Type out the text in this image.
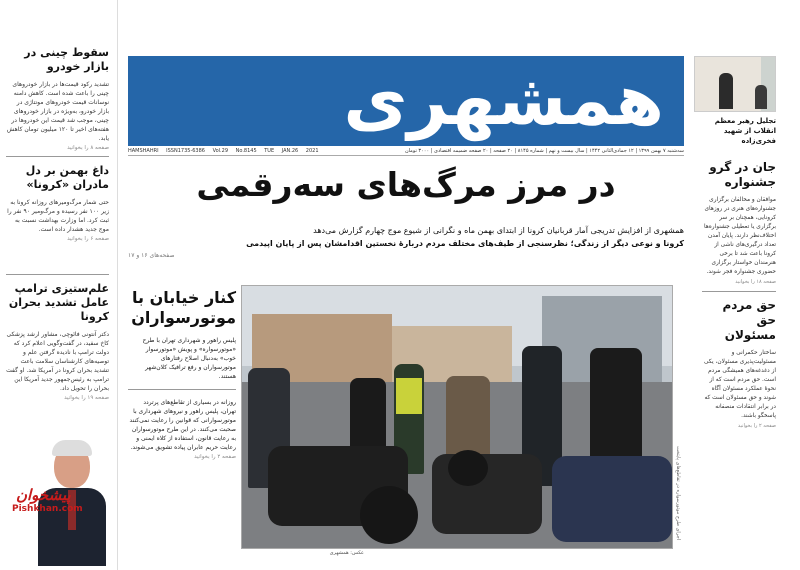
سقوط چینی در بازار خودرو
تشدید رکود قیمت‌ها در بازار خودروهای چینی را باعث شده است. کاهش دامنه نوسانات قیمت خودروهای مونتاژی در بازار خودرو، به‌ویژه در بازار خودروهای چینی، موجب شد قیمت این خودروها در هفته‌های اخیر تا ۱۲۰ میلیون تومان کاهش یابد.
صفحه ۸ را بخوانید
داغ بهمن بر دل مادران «کرونا»
حتی شمار مرگ‌ومیرهای روزانه کرونا به زیر ۱۰۰ نفر رسیده و مرگ‌ومیر ۹۰ نفر را ثبت کرد. اما وزارت بهداشت نسبت به موج جدید هشدار داده است.
صفحه ۶ را بخوانید
علم‌ستیزی ترامپ عامل تشدید بحران کرونا
دکتر آنتونی فائوچی، مشاور ارشد پزشکی کاخ سفید، در گفت‌وگویی اعلام کرد که دولت ترامپ با نادیده گرفتن علم و توصیه‌های کارشناسان سلامت باعث تشدید بحران کرونا در آمریکا شد. او گفت ترامپ به رئیس‌جمهور جدید آمریکا این بحران را تحویل داد.
صفحه ۱۹ را بخوانید
پیشخوان
Pishkhan.com
همشهری
HAMSHAHRI ISSN1735-6386 Vol.29 No.8145 TUE JAN.26 2021	سه‌شنبه ۷ بهمن ۱۳۹۹ | ۱۲ جمادی‌الثانی ۱۴۴۲ | سال بیست و نهم | شماره ۸۱۴۵ | ۲۰ صفحه | ۲۰ صفحه ضمیمه اقتصادی | ۳۰۰۰ تومان
تجلیل رهبر معظم انقلاب از شهید فخری‌زاده
در مرز مرگ‌های سه‌رقمی
همشهری از افزایش تدریجی آمار قربانیان کرونا از ابتدای بهمن ماه و نگرانی از شیوع موج چهارم گزارش می‌دهد
کرونا و نوعی دیگر از زندگی؛ نظرسنجی از طیف‌های مختلف مردم دربارهٔ نخستین اقدامشان پس از پایان اپیدمی
صفحه‌های ۱۶ و ۱۷
کنار خیابان با موتورسواران
پلیس راهور و شهرداری تهران با طرح «موتورسواره» و پویش «موتورسوار خوب» به‌دنبال اصلاح رفتارهای موتورسواران و رفع ترافیک کلان‌شهر هستند.
روزانه در بسیاری از تقاطع‌های پرتردد تهران، پلیس راهور و نیروهای شهرداری با موتورسوارانی که قوانین را رعایت نمی‌کنند صحبت می‌کنند. در این طرح موتورسواران به رعایت قانون، استفاده از کلاه ایمنی و رعایت حریم عابران پیاده تشویق می‌شوند.
صفحه ۲ را بخوانید
عکس: همشهری
اجرای طرح موتورسواره در تقاطع‌های پایتخت
جان در گرو جشنواره
موافقان و مخالفان برگزاری جشنواره‌های هنری در روزهای کرونایی، همچنان بر سر برگزاری یا تعطیلی جشنواره‌ها اختلاف‌نظر دارند. پایان آمدن تعداد درگیری‌های ناشی از کرونا باعث شد تا برخی هنرمندان خواستار برگزاری حضوری جشنواره فجر شوند.
صفحه ۱۸ را بخوانید
حق مردم حق مسئولان
ساختار حکمرانی و مسئولیت‌پذیری مسئولان، یکی از دغدغه‌های همیشگی مردم است. حق مردم است که از نحوهٔ عملکرد مسئولان آگاه شوند و حق مسئولان است که در برابر انتقادات منصفانه پاسخگو باشند.
صفحه ۲ را بخوانید
